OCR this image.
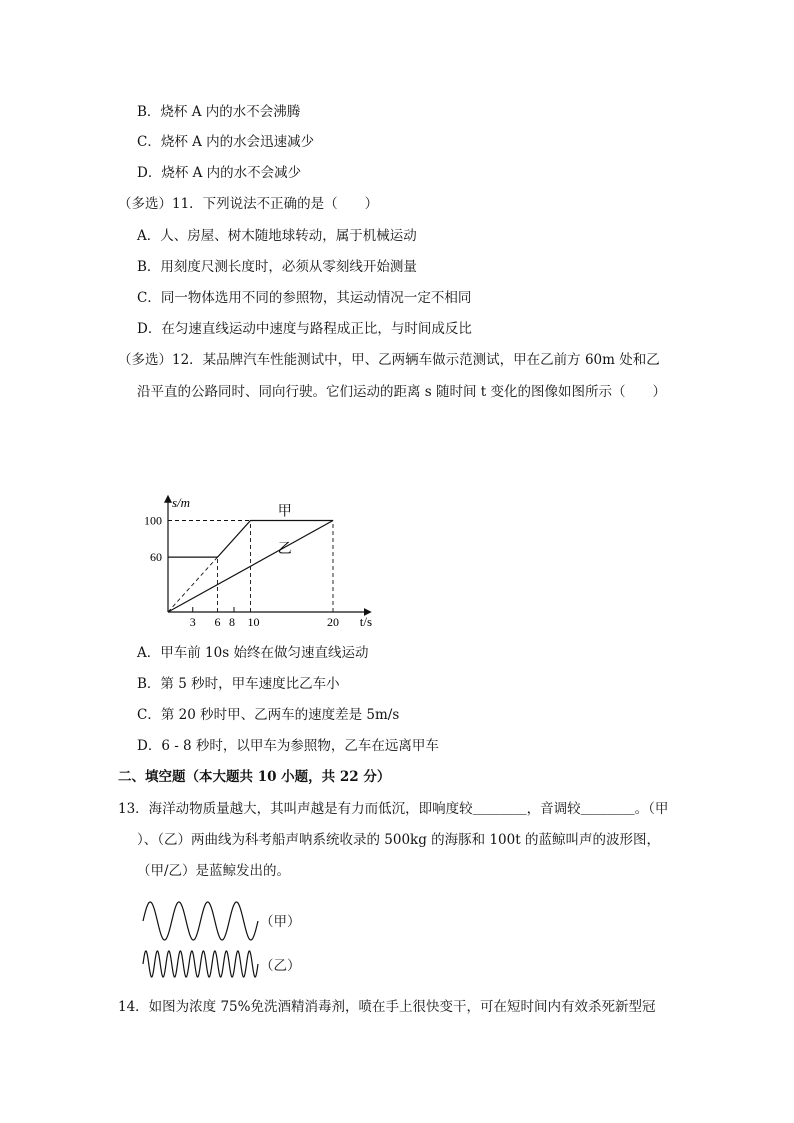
B．烧杯 A 内的水不会沸腾
C．烧杯 A 内的水会迅速减少
D．烧杯 A 内的水不会减少
（多选）11．下列说法不正确的是（　　）
A．人、房屋、树木随地球转动，属于机械运动
B．用刻度尺测长度时，必须从零刻线开始测量
C．同一物体选用不同的参照物，其运动情况一定不相同
D．在匀速直线运动中速度与路程成正比，与时间成反比
（多选）12．某品牌汽车性能测试中，甲、乙两辆车做示范测试，甲在乙前方 60m 处和乙
沿平直的公路同时、同向行驶。它们运动的距离 s 随时间 t 变化的图像如图所示（　　）
t/s
s/m
甲
乙
3 6 8 10	20
60
100
A．甲车前 10s 始终在做匀速直线运动
B．第 5 秒时，甲车速度比乙车小
C．第 20 秒时甲、乙两车的速度差是 5m/s
D．6 - 8 秒时，以甲车为参照物，乙车在远离甲车
二、填空题（本大题共 10 小题，共 22 分）
13．海洋动物质量越大，其叫声越是有力而低沉，即响度较＿＿＿＿，音调较＿＿＿＿。（甲
）、（乙）两曲线为科考船声呐系统收录的 500kg 的海豚和 100t 的蓝鲸叫声的波形图，
（甲/乙）是蓝鲸发出的。
（甲）
（乙）
14．如图为浓度 75%免洗酒精消毒剂，喷在手上很快变干，可在短时间内有效杀死新型冠
